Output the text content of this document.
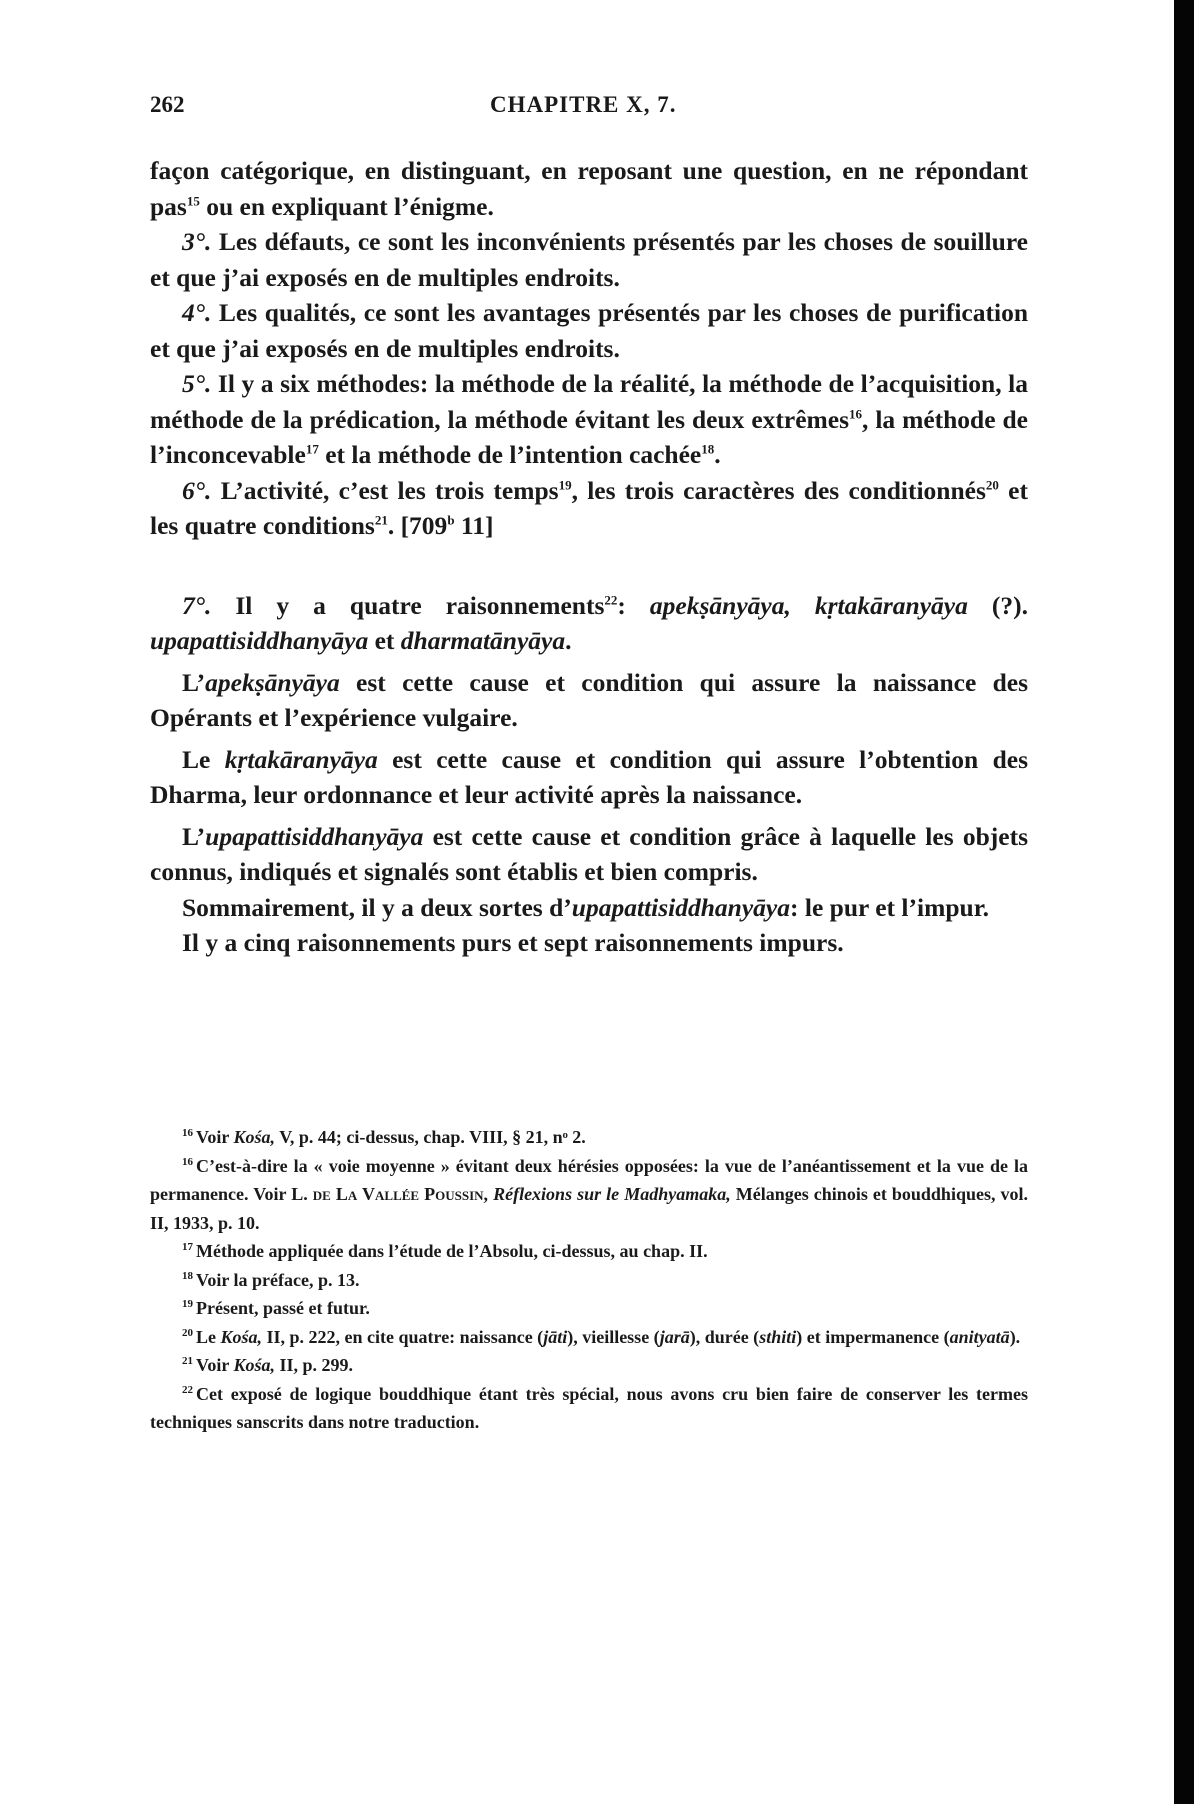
262	CHAPITRE X, 7.

façon catégorique, en distinguant, en reposant une question, en ne répondant pas$^{15}$ ou en expliquant l’énigme.

3°. Les défauts, ce sont les inconvénients présentés par les choses de souillure et que j’ai exposés en de multiples endroits.

4°. Les qualités, ce sont les avantages présentés par les choses de purification et que j’ai exposés en de multiples endroits.

5°. Il y a six méthodes: la méthode de la réalité, la méthode de l’acquisition, la méthode de la prédication, la méthode évitant les deux extrêmes$^{16}$, la méthode de l’inconcevable$^{17}$ et la méthode de l’intention cachée$^{18}$.

6°. L’activité, c’est les trois temps$^{19}$, les trois caractères des conditionnés$^{20}$ et les quatre conditions$^{21}$. [709$^b$ 11]

7°. Il y a quatre raisonnements$^{22}$: apekṣānyāya, kṛtakāranyāya (?). upapattisiddhanyāya et dharmatānyāya.

L’apekṣānyāya est cette cause et condition qui assure la naissance des Opérants et l’expérience vulgaire.

Le kṛtakāranyāya est cette cause et condition qui assure l’obtention des Dharma, leur ordonnance et leur activité après la naissance.

L’upapattisiddhanyāya est cette cause et condition grâce à laquelle les objets connus, indiqués et signalés sont établis et bien compris.

Sommairement, il y a deux sortes d’upapattisiddhanyāya: le pur et l’impur.

Il y a cinq raisonnements purs et sept raisonnements impurs.

$^{16}$ Voir Kośa, V, p. 44; ci-dessus, chap. VIII, § 21, nᵒ 2.

$^{16}$ C’est-à-dire la « voie moyenne » évitant deux hérésies opposées: la vue de l’anéantissement et la vue de la permanence. Voir L. de La Vallée Poussin, Réflexions sur le Madhyamaka, Mélanges chinois et bouddhiques, vol. II, 1933, p. 10.

$^{17}$ Méthode appliquée dans l’étude de l’Absolu, ci-dessus, au chap. II.

$^{18}$ Voir la préface, p. 13.

$^{19}$ Présent, passé et futur.

$^{20}$ Le Kośa, II, p. 222, en cite quatre: naissance (jāti), vieillesse (jarā), durée (sthiti) et impermanence (anityatā).

$^{21}$ Voir Kośa, II, p. 299.

$^{22}$ Cet exposé de logique bouddhique étant très spécial, nous avons cru bien faire de conserver les termes techniques sanscrits dans notre traduction.
